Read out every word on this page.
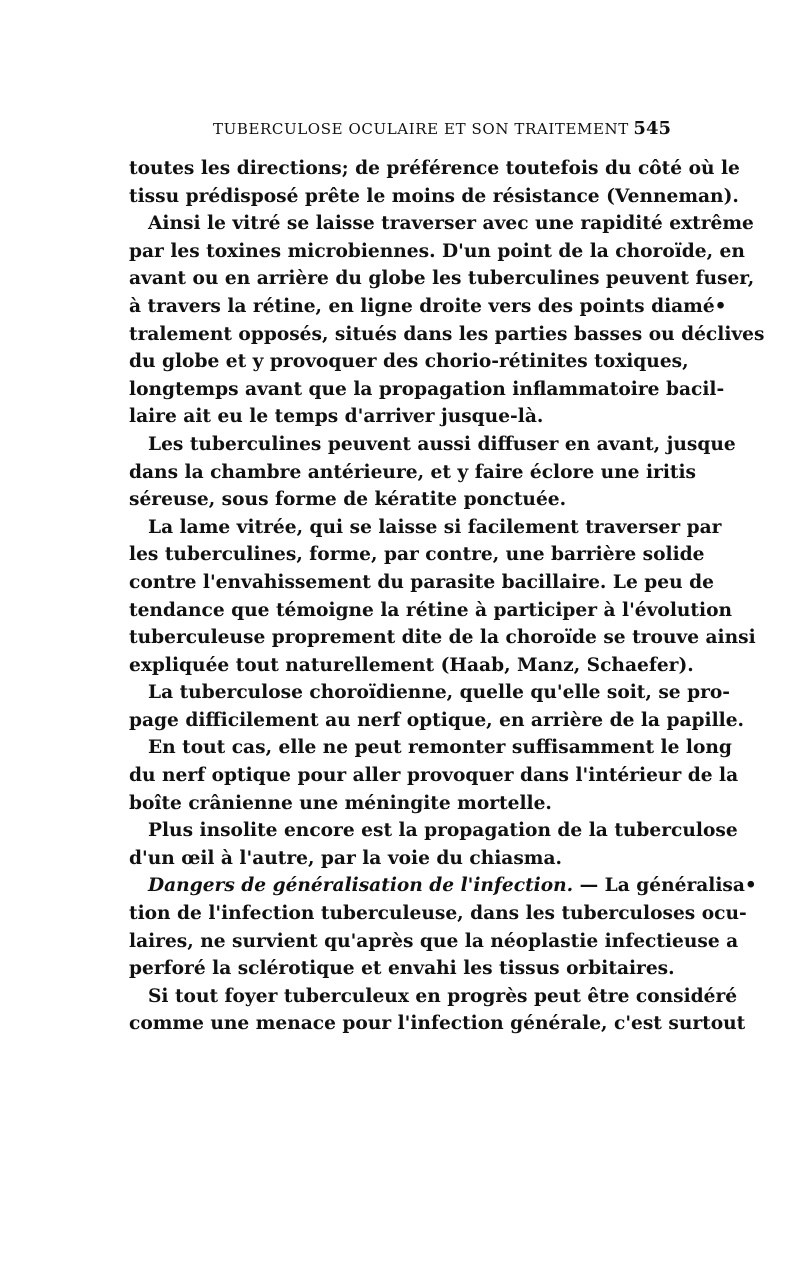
TUBERCULOSE OCULAIRE ET SON TRAITEMENT 545
toutes les directions; de préférence toutefois du côté où le
tissu prédisposé prête le moins de résistance (Venneman).
Ainsi le vitré se laisse traverser avec une rapidité extrême
par les toxines microbiennes. D'un point de la choroïde, en
avant ou en arrière du globe les tuberculines peuvent fuser,
à travers la rétine, en ligne droite vers des points diamé•
tralement opposés, situés dans les parties basses ou déclives
du globe et y provoquer des chorio-rétinites toxiques,
longtemps avant que la propagation inflammatoire bacil-
laire ait eu le temps d'arriver jusque-là.
Les tuberculines peuvent aussi diffuser en avant, jusque
dans la chambre antérieure, et y faire éclore une iritis
séreuse, sous forme de kératite ponctuée.
La lame vitrée, qui se laisse si facilement traverser par
les tuberculines, forme, par contre, une barrière solide
contre l'envahissement du parasite bacillaire. Le peu de
tendance que témoigne la rétine à participer à l'évolution
tuberculeuse proprement dite de la choroïde se trouve ainsi
expliquée tout naturellement (Haab, Manz, Schaefer).
La tuberculose choroïdienne, quelle qu'elle soit, se pro-
page difficilement au nerf optique, en arrière de la papille.
En tout cas, elle ne peut remonter suffisamment le long
du nerf optique pour aller provoquer dans l'intérieur de la
boîte crânienne une méningite mortelle.
Plus insolite encore est la propagation de la tuberculose
d'un œil à l'autre, par la voie du chiasma.
Dangers de généralisation de l'infection. — La généralisa•
tion de l'infection tuberculeuse, dans les tuberculoses ocu-
laires, ne survient qu'après que la néoplastie infectieuse a
perforé la sclérotique et envahi les tissus orbitaires.
Si tout foyer tuberculeux en progrès peut être considéré
comme une menace pour l'infection générale, c'est surtout
